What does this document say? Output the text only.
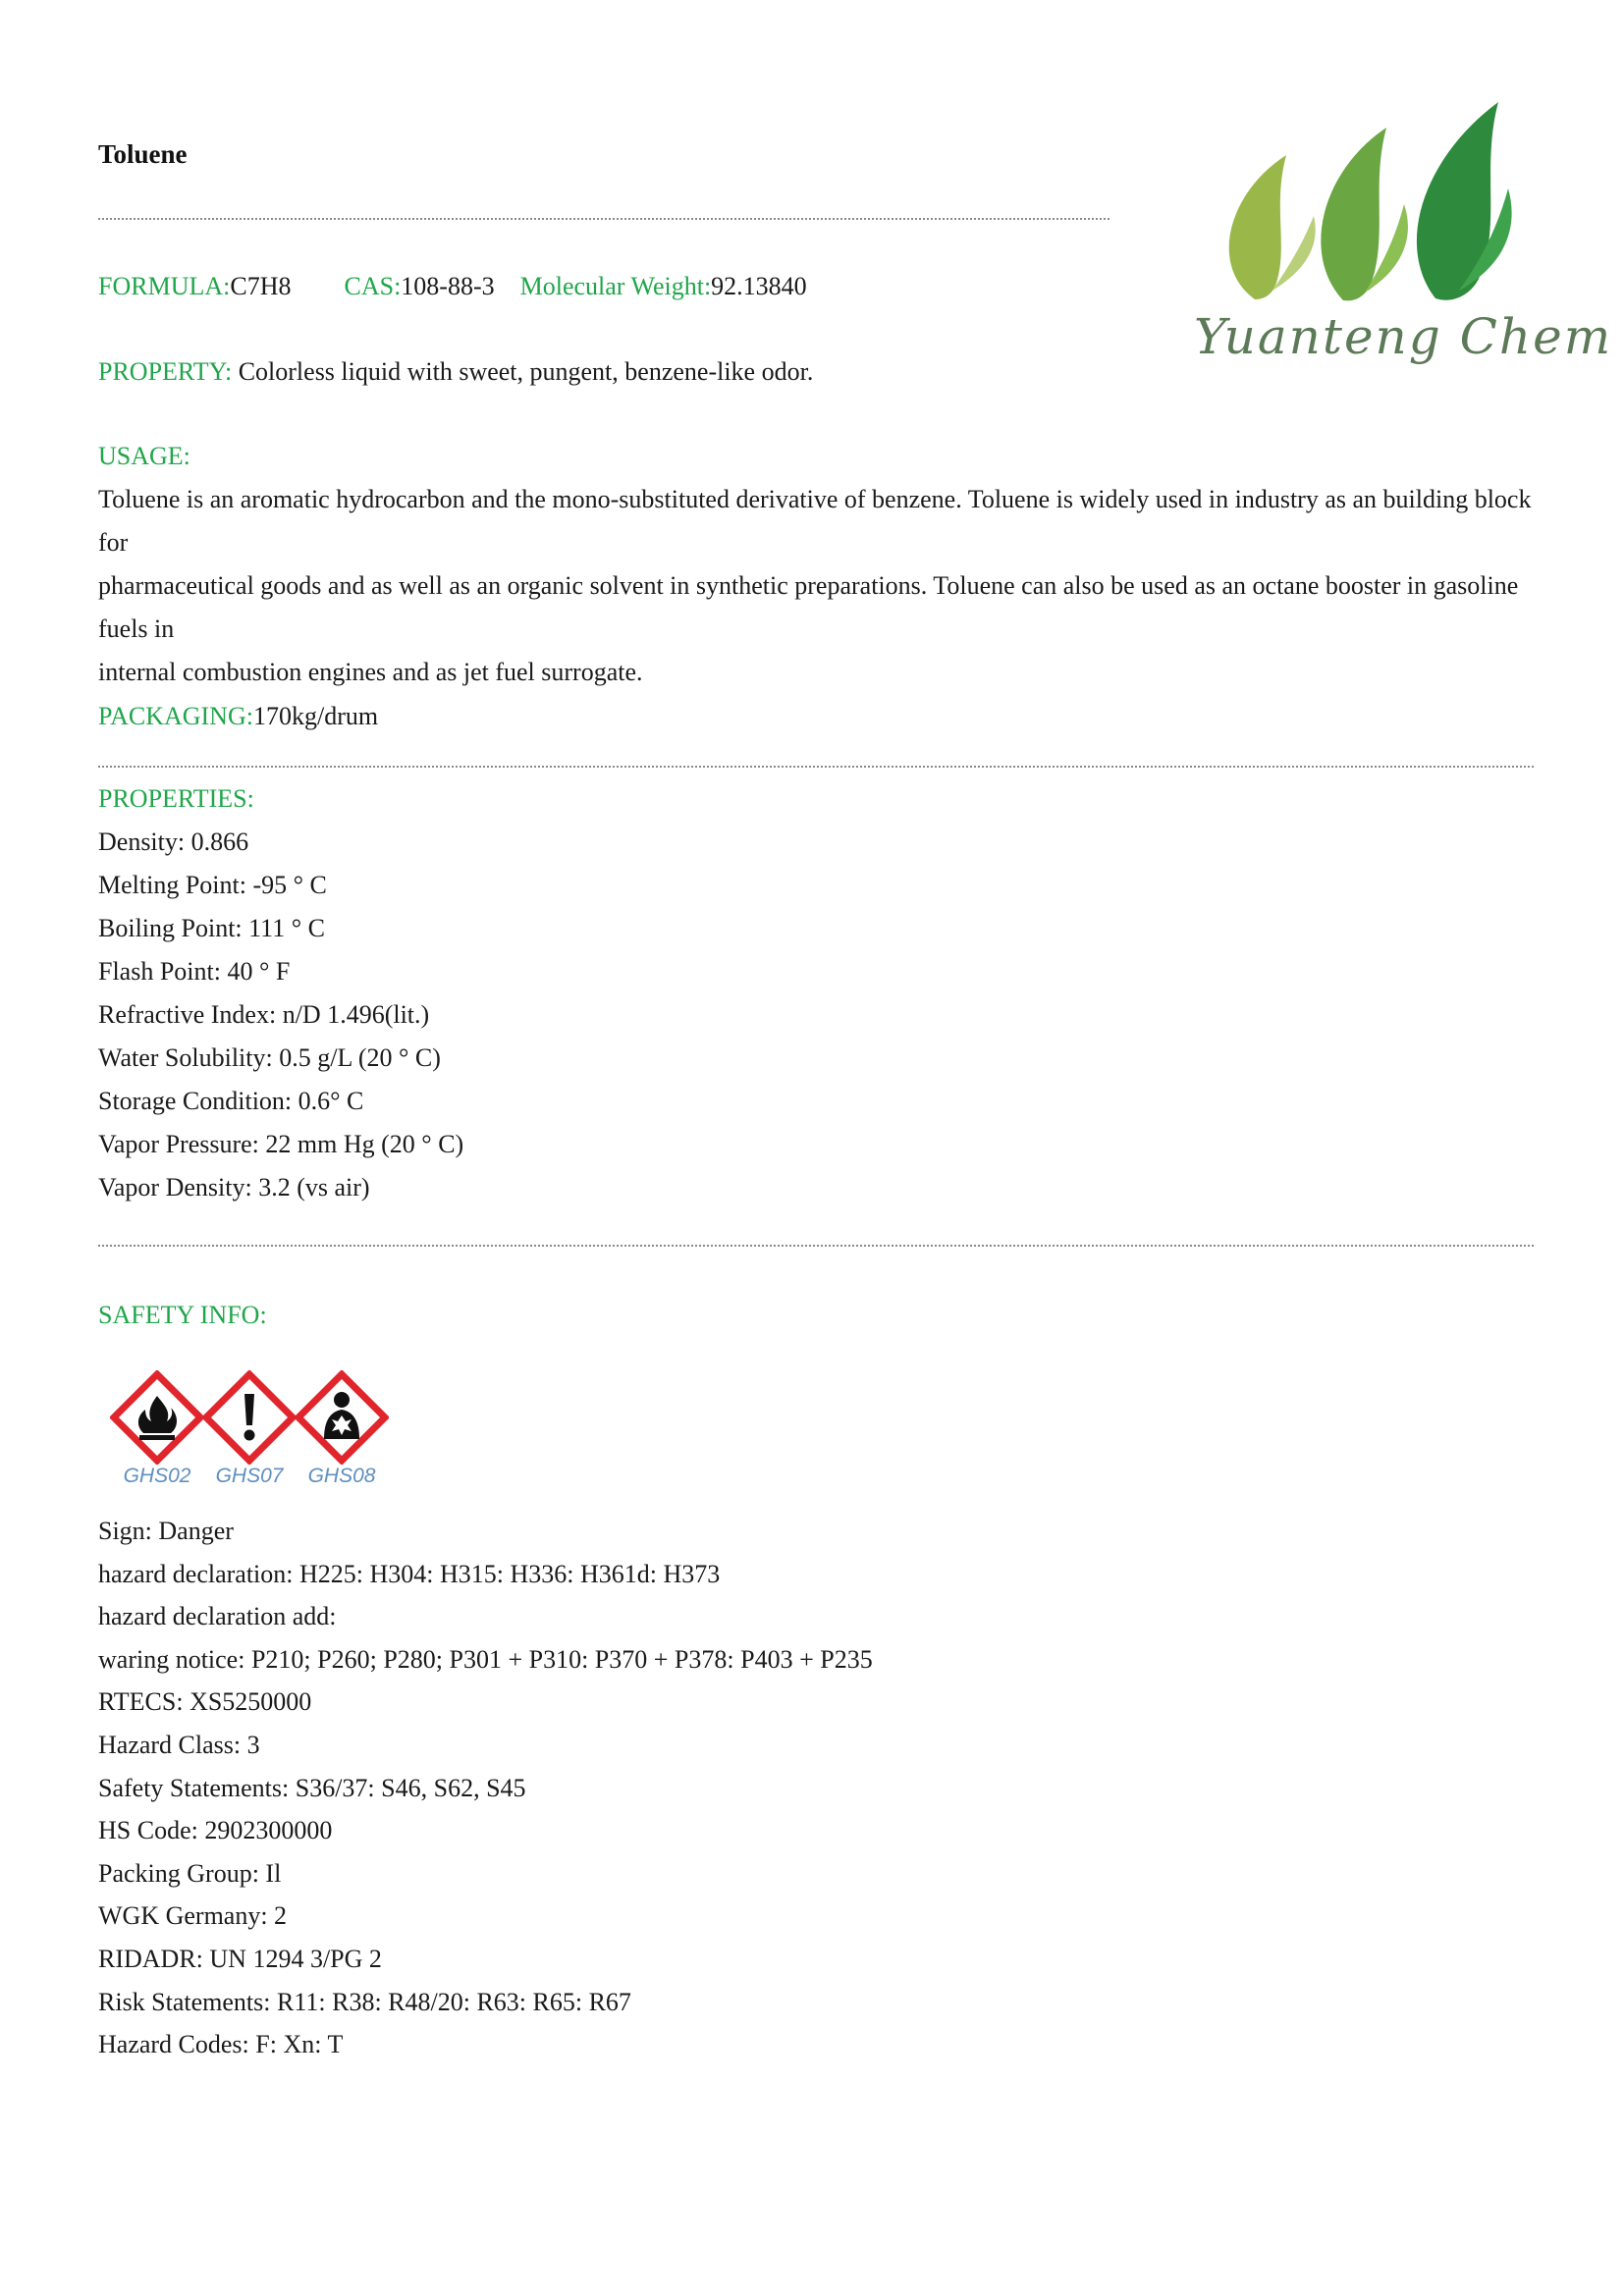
Toluene
Yuanteng Chem
FORMULA:C7H8 CAS:108-88-3 Molecular Weight:92.13840
PROPERTY: Colorless liquid with sweet, pungent, benzene-like odor.
USAGE:

Toluene is an aromatic hydrocarbon and the mono-substituted derivative of benzene. Toluene is widely used in industry as an building block for

pharmaceutical goods and as well as an organic solvent in synthetic preparations. Toluene can also be used as an octane booster in gasoline fuels in

internal combustion engines and as jet fuel surrogate.

PACKAGING:170kg/drum
PROPERTIES:

Density: 0.866

Melting Point: -95 ° C

Boiling Point: 111 ° C

Flash Point: 40 ° F

Refractive Index: n/D 1.496(lit.)

Water Solubility: 0.5 g/L (20 ° C)

Storage Condition: 0.6° C

Vapor Pressure: 22 mm Hg (20 ° C)

Vapor Density: 3.2 (vs air)

SAFETY INFO:
GHS02	GHS07	GHS08
Sign: Danger
hazard declaration: H225: H304: H315: H336: H361d: H373
hazard declaration add:
waring notice: P210; P260; P280; P301 + P310: P370 + P378: P403 + P235
RTECS: XS5250000
Hazard Class: 3
Safety Statements: S36/37: S46, S62, S45
HS Code: 2902300000
Packing Group: Il
WGK Germany: 2
RIDADR: UN 1294 3/PG 2
Risk Statements: R11: R38: R48/20: R63: R65: R67
Hazard Codes: F: Xn: T
